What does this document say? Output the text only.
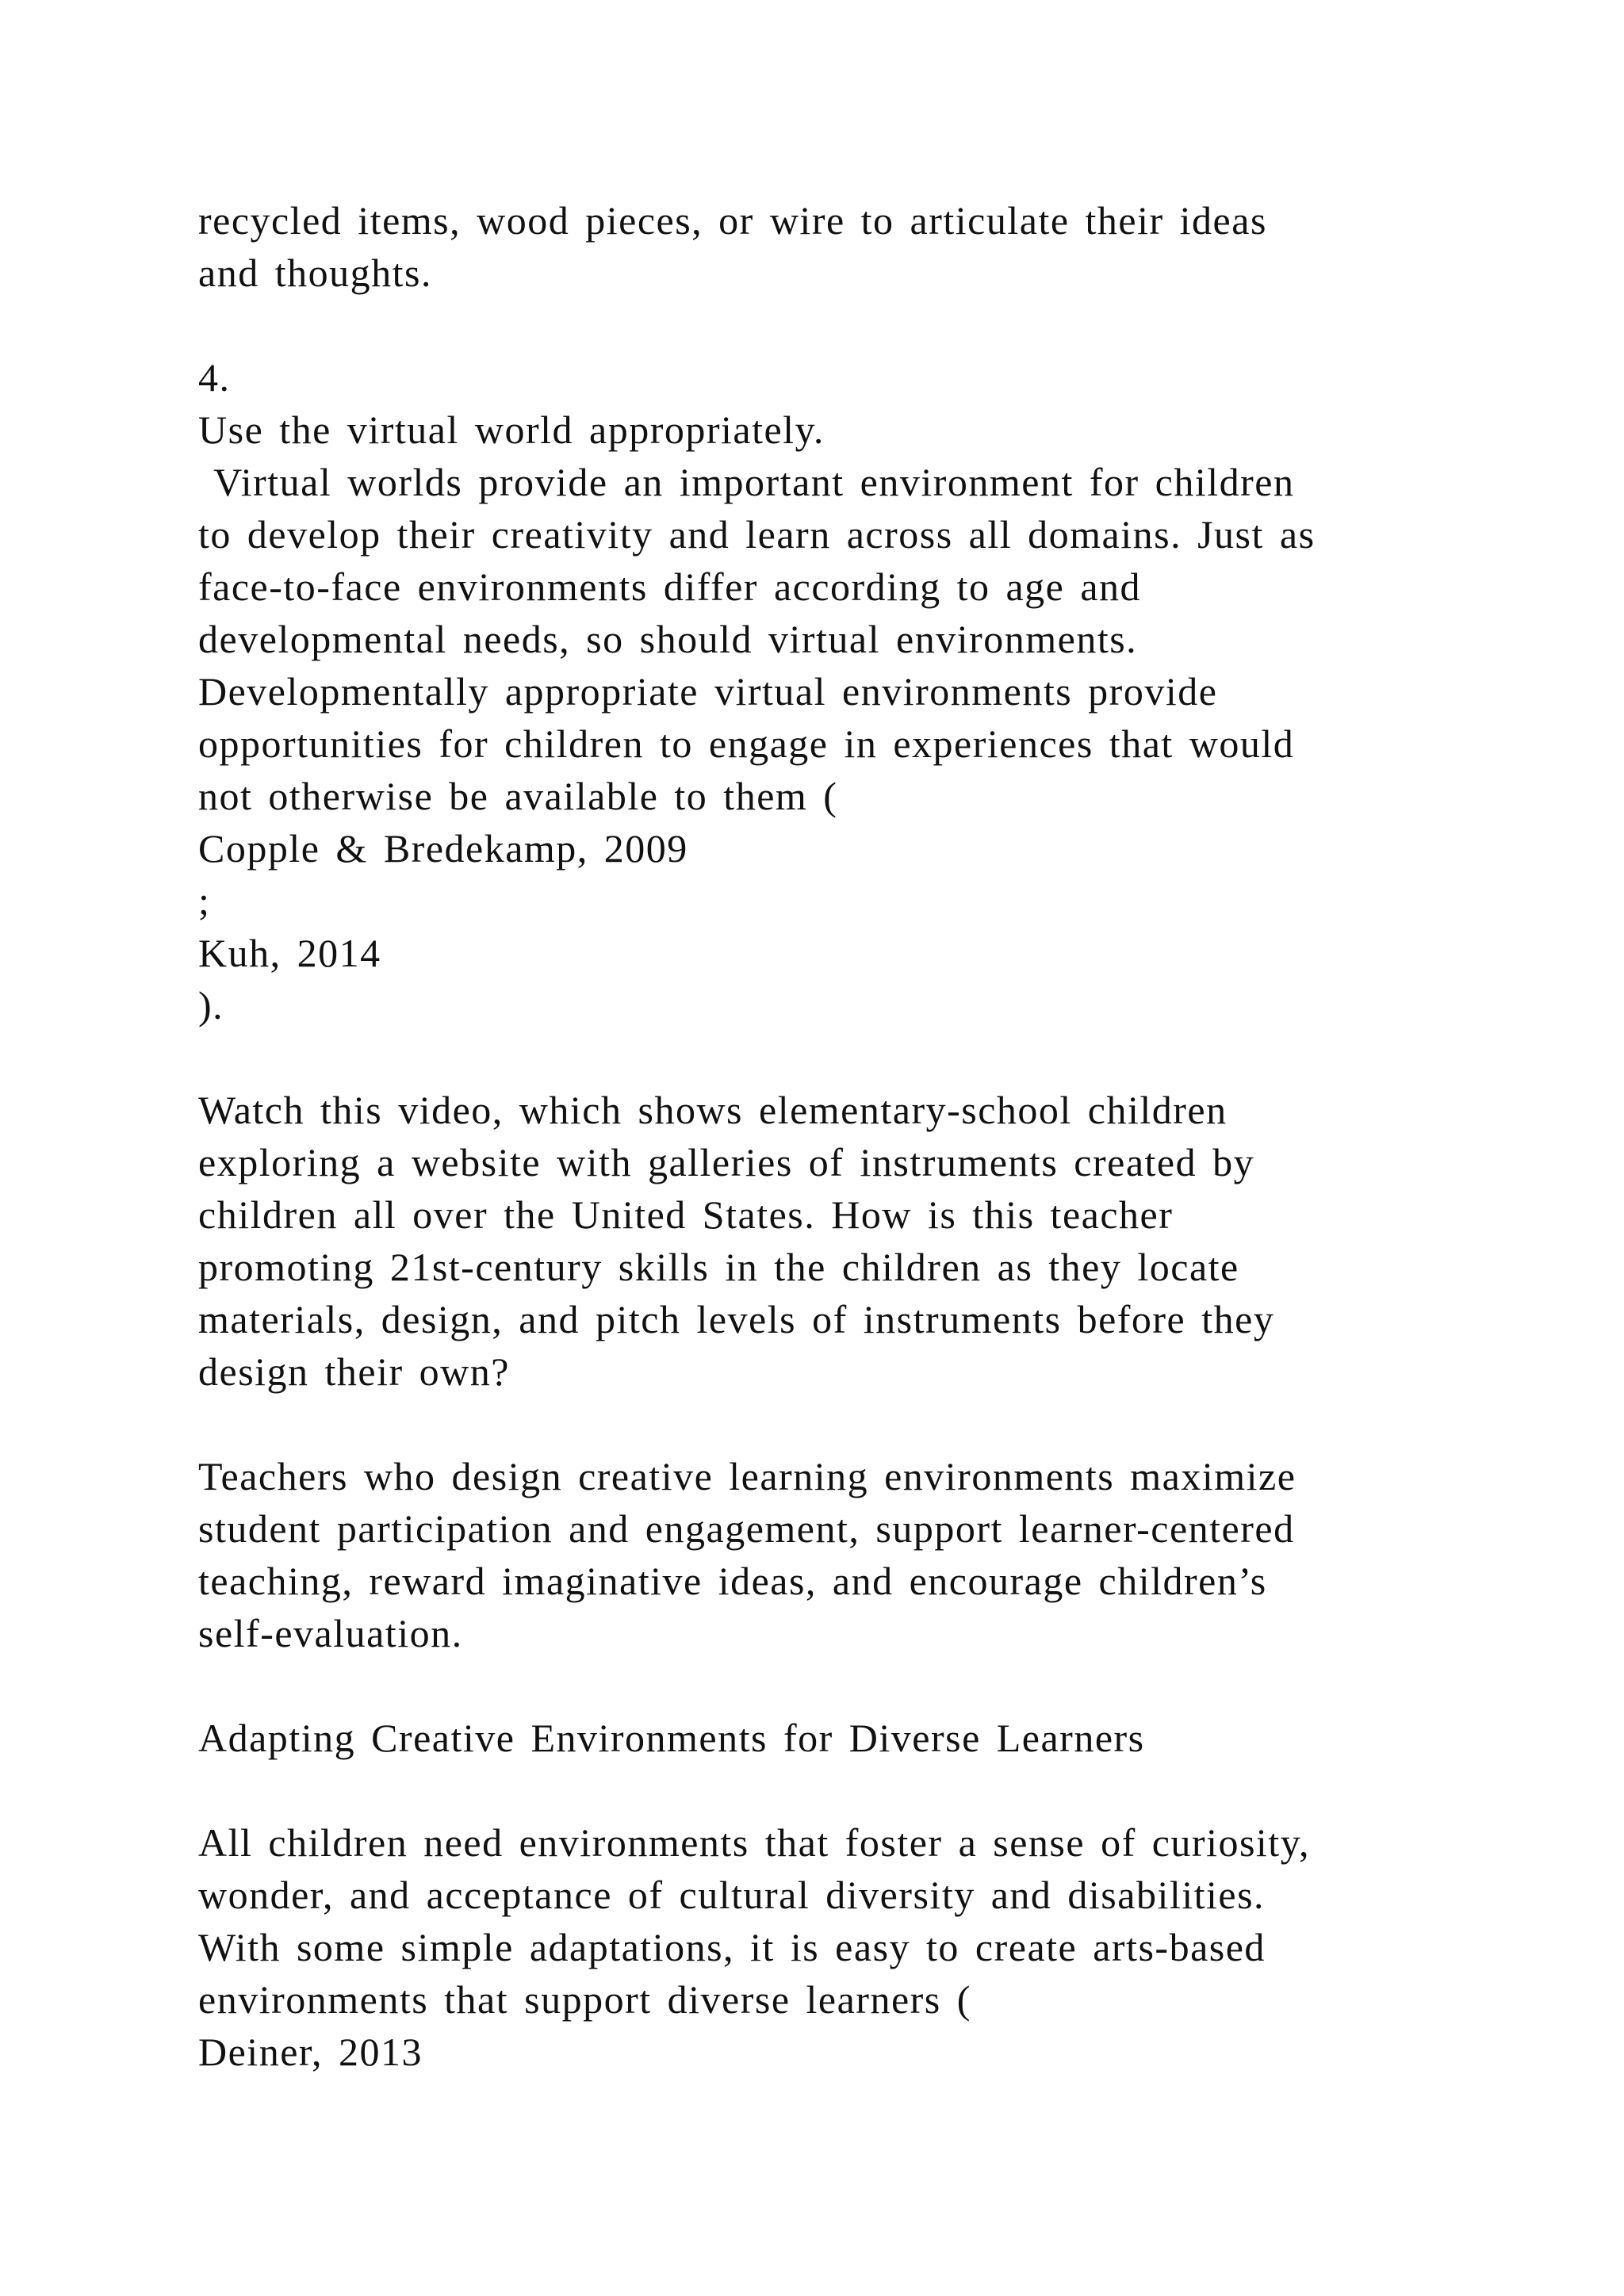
recycled items, wood pieces, or wire to articulate their ideas
and thoughts.
4.
Use the virtual world appropriately.
Virtual worlds provide an important environment for children
to develop their creativity and learn across all domains. Just as
face-to-face environments differ according to age and
developmental needs, so should virtual environments.
Developmentally appropriate virtual environments provide
opportunities for children to engage in experiences that would
not otherwise be available to them (
Copple & Bredekamp, 2009
;
Kuh, 2014
).
Watch this video, which shows elementary-school children
exploring a website with galleries of instruments created by
children all over the United States. How is this teacher
promoting 21st-century skills in the children as they locate
materials, design, and pitch levels of instruments before they
design their own?
Teachers who design creative learning environments maximize
student participation and engagement, support learner-centered
teaching, reward imaginative ideas, and encourage children’s
self-evaluation.
Adapting Creative Environments for Diverse Learners
All children need environments that foster a sense of curiosity,
wonder, and acceptance of cultural diversity and disabilities.
With some simple adaptations, it is easy to create arts-based
environments that support diverse learners (
Deiner, 2013
